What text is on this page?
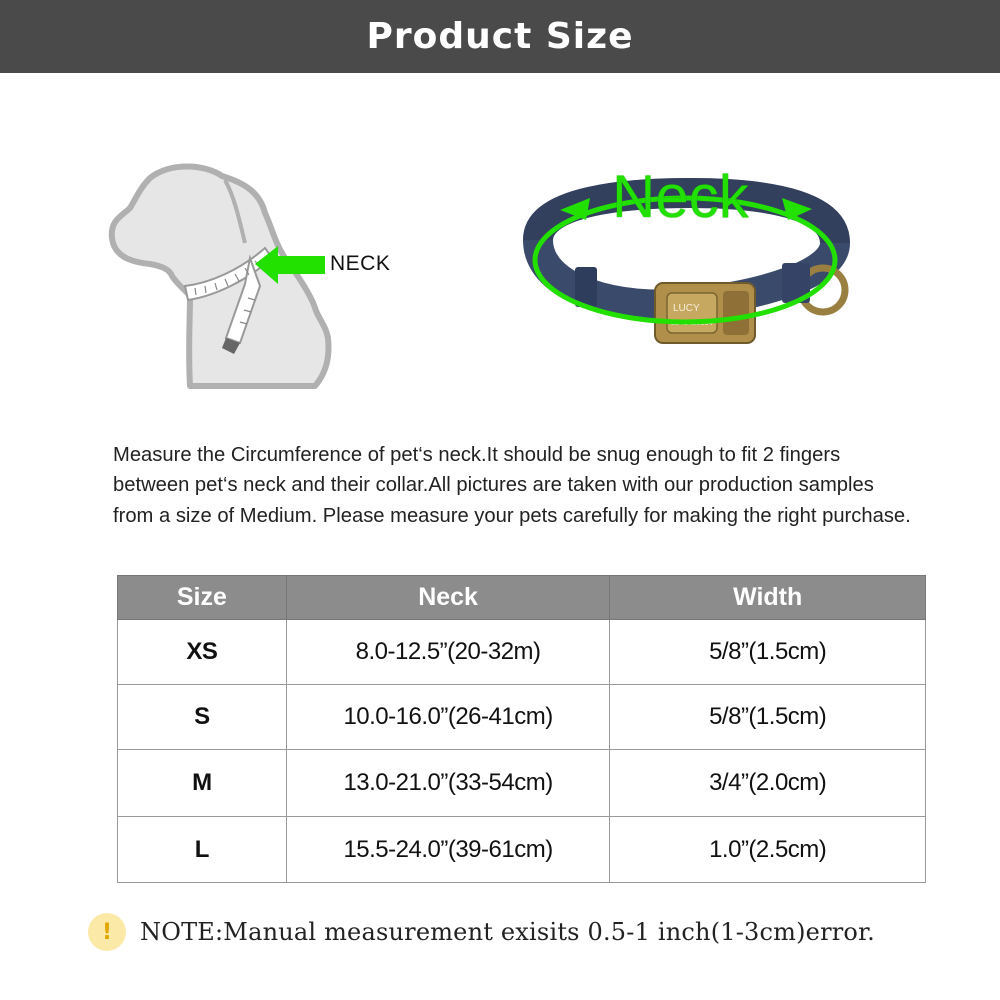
Product Size
NECK
LUCY
2242420504
Neck

Measure the Circumference of pet‘s neck.It should be snug enough to fit 2 fingers between pet‘s neck and their collar.All pictures are taken with our production samples from a size of Medium. Please measure your pets carefully for making the right purchase.

Size	Neck	Width
XS	8.0-12.5”(20-32m)	5/8”(1.5cm)
S	10.0-16.0”(26-41cm)	5/8”(1.5cm)
M	13.0-21.0”(33-54cm)	3/4”(2.0cm)
L	15.5-24.0”(39-61cm)	1.0”(2.5cm)
!	NOTE:Manual measurement exisits 0.5-1 inch(1-3cm)error.
